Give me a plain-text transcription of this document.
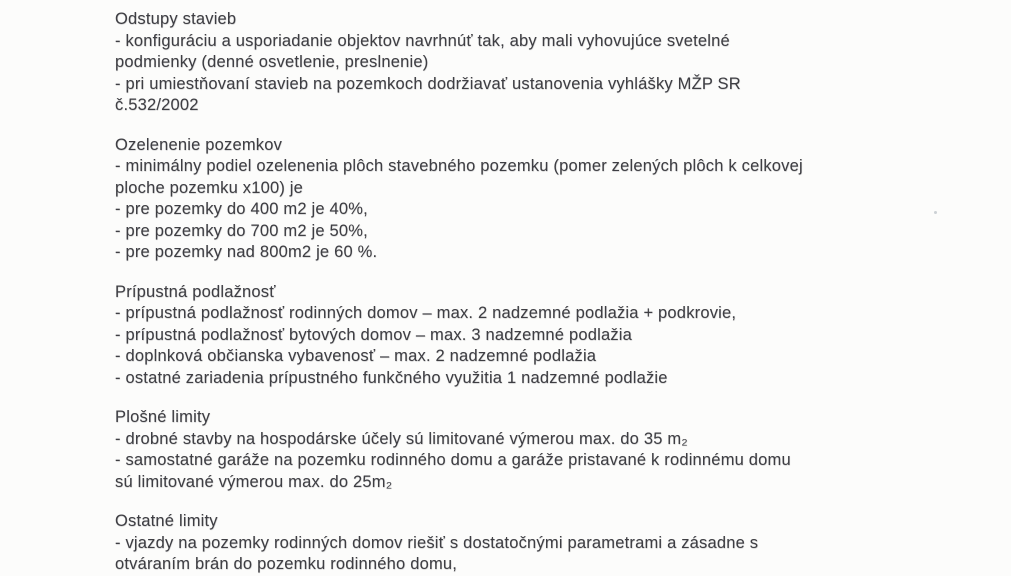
Odstupy stavieb
- konfiguráciu a usporiadanie objektov navrhnúť tak, aby mali vyhovujúce svetelné
podmienky (denné osvetlenie, preslnenie)
- pri umiestňovaní stavieb na pozemkoch dodržiavať ustanovenia vyhlášky MŽP SR
č.532/2002
Ozelenenie pozemkov
- minimálny podiel ozelenenia plôch stavebného pozemku (pomer zelených plôch k celkovej
ploche pozemku x100) je
- pre pozemky do 400 m2 je 40%,
- pre pozemky do 700 m2 je 50%,
- pre pozemky nad 800m2 je 60 %.
Prípustná podlažnosť
- prípustná podlažnosť rodinných domov – max. 2 nadzemné podlažia + podkrovie,
- prípustná podlažnosť bytových domov – max. 3 nadzemné podlažia
- doplnková občianska vybavenosť – max. 2 nadzemné podlažia
- ostatné zariadenia prípustného funkčného využitia 1 nadzemné podlažie
Plošné limity
- drobné stavby na hospodárske účely sú limitované výmerou max. do 35 m₂
- samostatné garáže na pozemku rodinného domu a garáže pristavané k rodinnému domu
sú limitované výmerou max. do 25m₂
Ostatné limity
- vjazdy na pozemky rodinných domov riešiť s dostatočnými parametrami a zásadne s
otváraním brán do pozemku rodinného domu,
